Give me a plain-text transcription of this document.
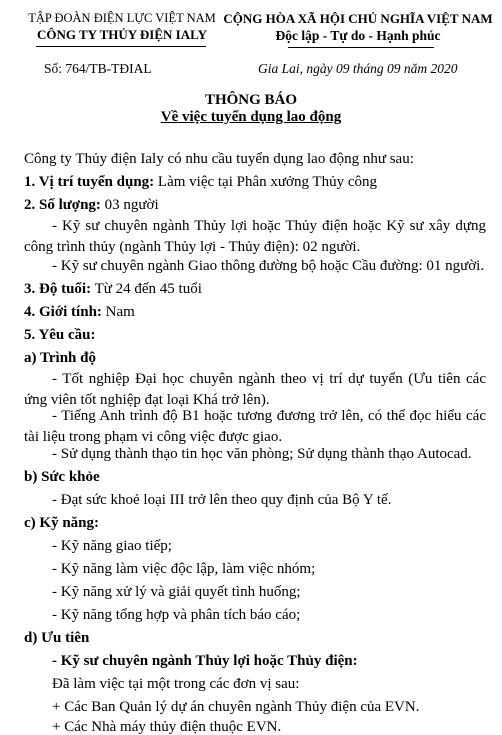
TẬP ĐOÀN ĐIỆN LỰC VIỆT NAM
CÔNG TY THỦY ĐIỆN IALY
CỘNG HÒA XÃ HỘI CHỦ NGHĨA VIỆT NAM
Độc lập - Tự do - Hạnh phúc
Số: 764/TB-TĐIAL	Gia Lai, ngày 09 tháng 09 năm 2020
THÔNG BÁO
Về việc tuyển dụng lao động
Công ty Thủy điện Ialy có nhu cầu tuyển dụng lao động như sau:
1. Vị trí tuyển dụng: Làm việc tại Phân xưởng Thủy công
2. Số lượng: 03 người
- Kỹ sư chuyên ngành Thủy lợi hoặc Thủy điện hoặc Kỹ sư xây dựng công trình thủy (ngành Thủy lợi - Thủy điện): 02 người.
- Kỹ sư chuyên ngành Giao thông đường bộ hoặc Cầu đường: 01 người.
3. Độ tuổi: Từ 24 đến 45 tuổi
4. Giới tính: Nam
5. Yêu cầu:
a) Trình độ
- Tốt nghiệp Đại học chuyên ngành theo vị trí dự tuyển (Ưu tiên các ứng viên tốt nghiệp đạt loại Khá trở lên).
- Tiếng Anh trình độ B1 hoặc tương đương trở lên, có thể đọc hiểu các tài liệu trong phạm vi công việc được giao.
- Sử dụng thành thạo tin học văn phòng; Sử dụng thành thạo Autocad.
b) Sức khỏe
- Đạt sức khoẻ loại III trở lên theo quy định của Bộ Y tế.
c) Kỹ năng:
- Kỹ năng giao tiếp;
- Kỹ năng làm việc độc lập, làm việc nhóm;
- Kỹ năng xử lý và giải quyết tình huống;
- Kỹ năng tổng hợp và phân tích báo cáo;
d) Ưu tiên
- Kỹ sư chuyên ngành Thủy lợi hoặc Thủy điện:
Đã làm việc tại một trong các đơn vị sau:
+ Các Ban Quản lý dự án chuyên ngành Thủy điện của EVN.
+ Các Nhà máy thủy điện thuộc EVN.
